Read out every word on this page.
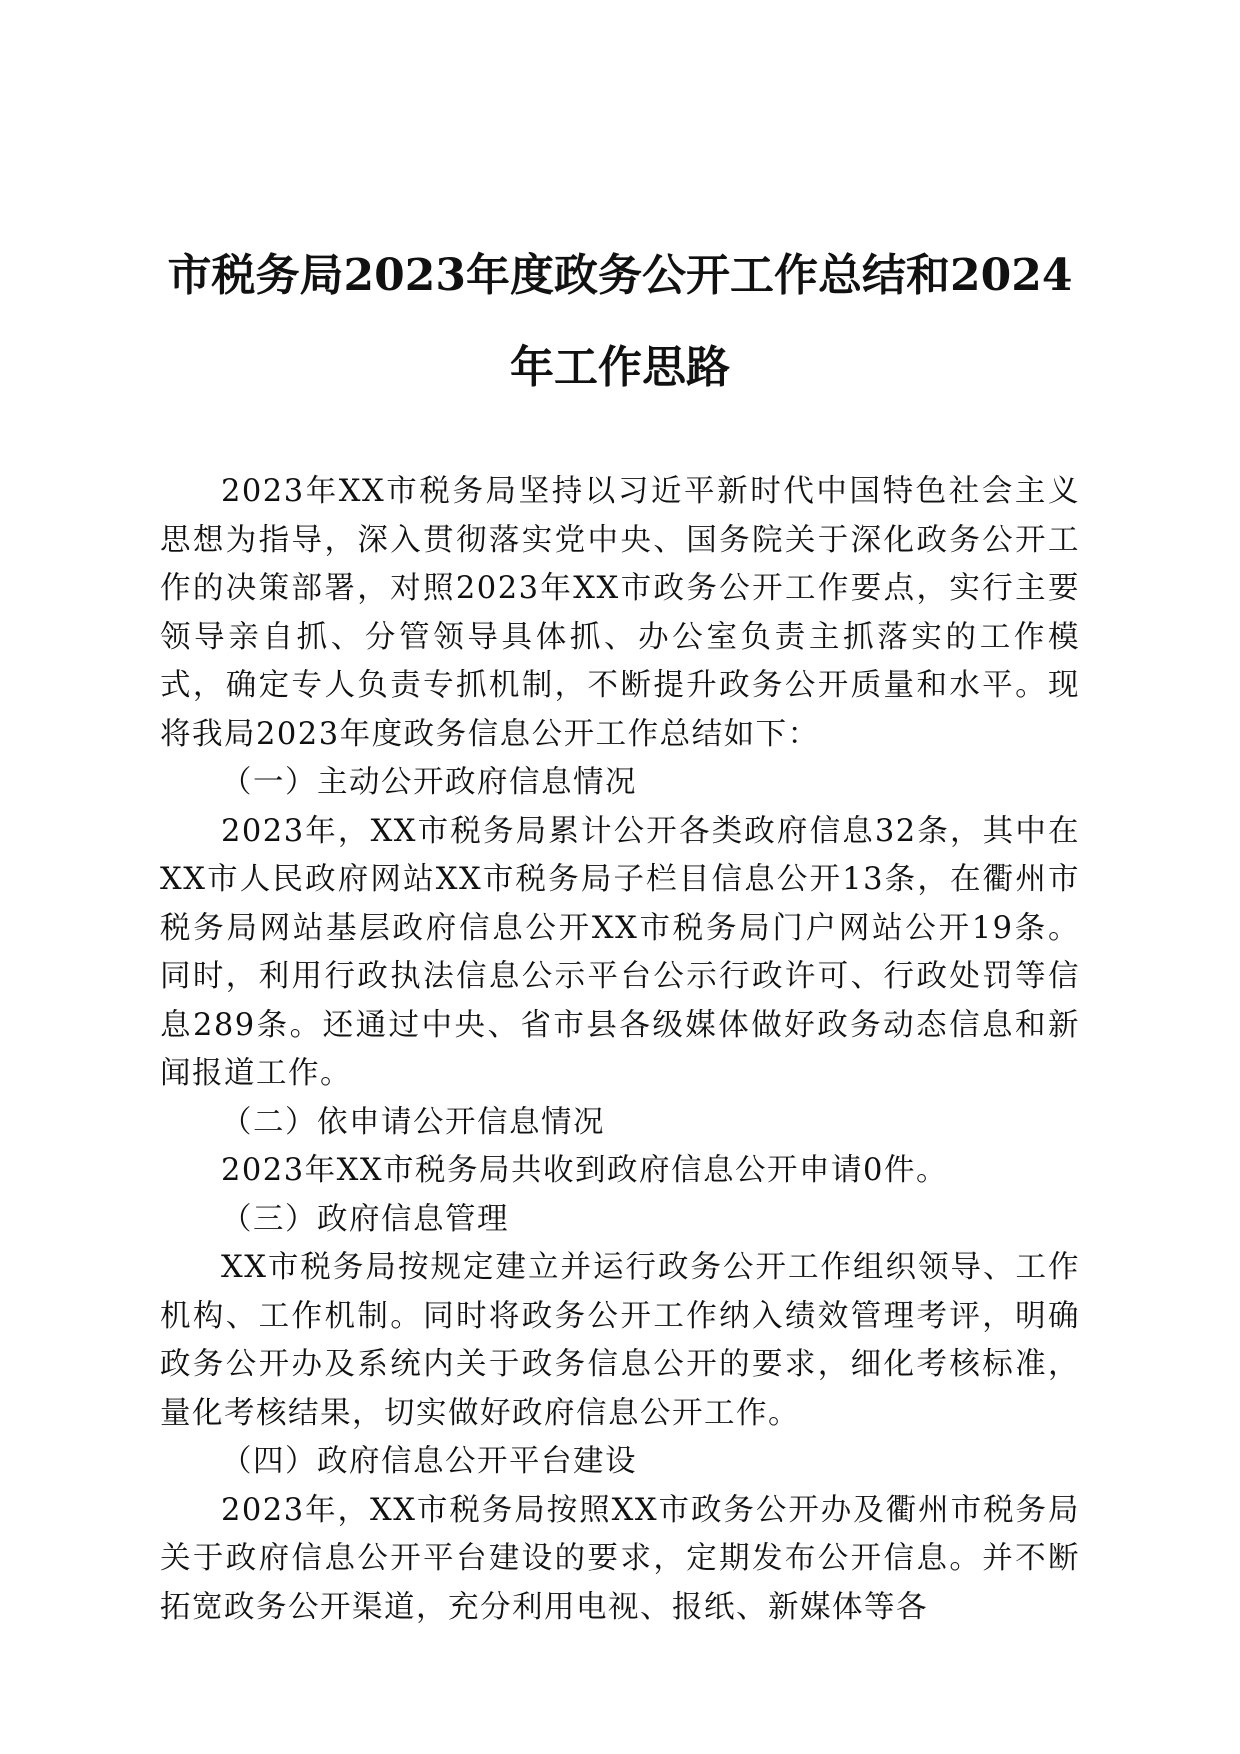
市税务局2023年度政务公开工作总结和2024
年工作思路

2023年XX市税务局坚持以习近平新时代中国特色社会主义思想为指导，深入贯彻落实党中央、国务院关于深化政务公开工作的决策部署，对照2023年XX市政务公开工作要点，实行主要领导亲自抓、分管领导具体抓、办公室负责主抓落实的工作模式，确定专人负责专抓机制，不断提升政务公开质量和水平。现将我局2023年度政务信息公开工作总结如下：

（一）主动公开政府信息情况

2023年，XX市税务局累计公开各类政府信息32条，其中在XX市人民政府网站XX市税务局子栏目信息公开13条，在衢州市税务局网站基层政府信息公开XX市税务局门户网站公开19条。同时，利用行政执法信息公示平台公示行政许可、行政处罚等信息289条。还通过中央、省市县各级媒体做好政务动态信息和新闻报道工作。

（二）依申请公开信息情况

2023年XX市税务局共收到政府信息公开申请0件。

（三）政府信息管理

XX市税务局按规定建立并运行政务公开工作组织领导、工作机构、工作机制。同时将政务公开工作纳入绩效管理考评，明确政务公开办及系统内关于政务信息公开的要求，细化考核标准，量化考核结果，切实做好政府信息公开工作。

（四）政府信息公开平台建设

2023年，XX市税务局按照XX市政务公开办及衢州市税务局关于政府信息公开平台建设的要求，定期发布公开信息。并不断拓宽政务公开渠道，充分利用电视、报纸、新媒体等各
